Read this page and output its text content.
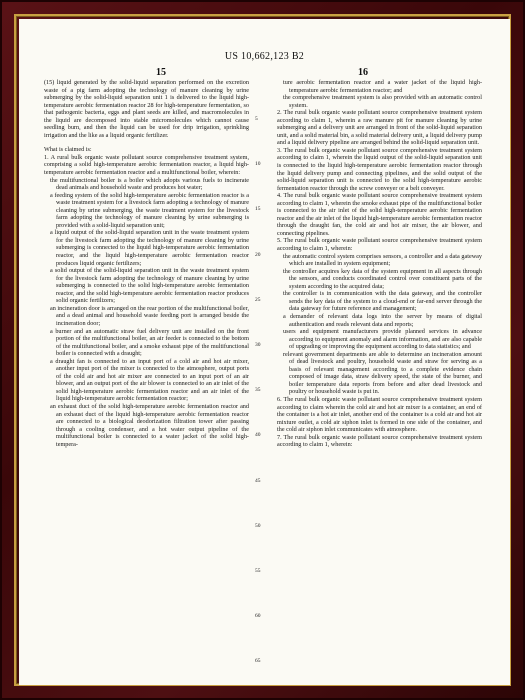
US 10,662,123 B2
15	16

(15) liquid generated by the solid-liquid separation performed on the excretion waste of a pig farm adopting the technology of manure cleaning by urine submerging by the solid-liquid separation unit 1 is delivered to the liquid high-temperature aerobic fermentation reactor 28 for high-temperature fermentation, so that pathogenic bacteria, eggs and plant seeds are killed, and macromolecules in the liquid are decomposed into stable micromolecules which cannot cause seedling burn, and then the liquid can be used for drip irrigation, sprinkling irrigation and the like as a liquid organic fertilizer.

What is claimed is:

1. A rural bulk organic waste pollutant source comprehensive treatment system, comprising a solid high-temperature aerobic fermentation reactor, a liquid high-temperature aerobic fermentation reactor and a multifunctional boiler, wherein:

the multifunctional boiler is a boiler which adopts various fuels to incinerate dead animals and household waste and produces hot water;

a feeding system of the solid high-temperature aerobic fermentation reactor is a waste treatment system for a livestock farm adopting a technology of manure cleaning by urine submerging, the waste treatment system for the livestock farm adopting the technology of manure cleaning by urine submerging is provided with a solid-liquid separation unit;

a liquid output of the solid-liquid separation unit in the waste treatment system for the livestock farm adopting the technology of manure cleaning by urine submerging is connected to the liquid high-temperature aerobic fermentation reactor, and the liquid high-temperature aerobic fermentation reactor produces liquid organic fertilizers;

a solid output of the solid-liquid separation unit in the waste treatment system for the livestock farm adopting the technology of manure cleaning by urine submerging is connected to the solid high-temperature aerobic fermentation reactor, and the solid high-temperature aerobic fermentation reactor produces solid organic fertilizers;

an incineration door is arranged on the rear portion of the multifunctional boiler, and a dead animal and household waste feeding port is arranged beside the incineration door;

a burner and an automatic straw fuel delivery unit are installed on the front portion of the multifunctional boiler, an air feeder is connected to the bottom of the multifunctional boiler, and a smoke exhaust pipe of the multifunctional boiler is connected with a draught;

a draught fan is connected to an input port of a cold air and hot air mixer, another input port of the mixer is connected to the atmosphere, output ports of the cold air and hot air mixer are connected to an input port of an air blower, and an output port of the air blower is connected to an air inlet of the solid high-temperature aerobic fermentation reactor and an air inlet of the liquid high-temperature aerobic fermentation reactor;

an exhaust duct of the solid high-temperature aerobic fermentation reactor and an exhaust duct of the liquid high-temperature aerobic fermentation reactor are connected to a biological deodorization filtration tower after passing through a cooling condenser, and a hot water output pipeline of the multifunctional boiler is connected to a water jacket of the solid high-tempera-

5
10
15
20
25
30
35
40
45
50
55
60
65

ture aerobic fermentation reactor and a water jacket of the liquid high-temperature aerobic fermentation reactor; and

the comprehensive treatment system is also provided with an automatic control system.

2. The rural bulk organic waste pollutant source comprehensive treatment system according to claim 1, wherein a raw manure pit for manure cleaning by urine submerging and a delivery unit are arranged in front of the solid-liquid separation unit, and a solid material bin, a solid material delivery unit, a liquid delivery pump and a liquid delivery pipeline are arranged behind the solid-liquid separation unit.

3. The rural bulk organic waste pollutant source comprehensive treatment system according to claim 1, wherein the liquid output of the solid-liquid separation unit is connected to the liquid high-temperature aerobic fermentation reactor through the liquid delivery pump and connecting pipelines, and the solid output of the solid-liquid separation unit is connected to the solid high-temperature aerobic fermentation reactor through the screw conveyer or a belt conveyer.

4. The rural bulk organic waste pollutant source comprehensive treatment system according to claim 1, wherein the smoke exhaust pipe of the multifunctional boiler is connected to the air inlet of the solid high-temperature aerobic fermentation reactor and the air inlet of the liquid high-temperature aerobic fermentation reactor through the draught fan, the cold air and hot air mixer, the air blower, and connecting pipelines.

5. The rural bulk organic waste pollutant source comprehensive treatment system according to claim 1, wherein:

the automatic control system comprises sensors, a controller and a data gateway which are installed in system equipment;

the controller acquires key data of the system equipment in all aspects through the sensors, and conducts coordinated control over constituent parts of the system according to the acquired data;

the controller is in communication with the data gateway, and the controller sends the key data of the system to a cloud-end or far-end server through the data gateway for future reference and management;

a demander of relevant data logs into the server by means of digital authentication and reads relevant data and reports;

users and equipment manufacturers provide planned services in advance according to equipment anomaly and alarm information, and are also capable of upgrading or improving the equipment according to data statistics; and

relevant government departments are able to determine an incineration amount of dead livestock and poultry, household waste and straw for serving as a basis of relevant management according to a complete evidence chain composed of image data, straw delivery speed, the state of the burner, and boiler temperature data reports from before and after dead livestock and poultry or household waste is put in.

6. The rural bulk organic waste pollutant source comprehensive treatment system according to claim wherein the cold air and hot air mixer is a container, an end of the container is a hot air inlet, another end of the container is a cold air and hot air mixture outlet, a cold air siphon inlet is formed in one side of the container, and the cold air siphon inlet communicates with atmosphere.

7. The rural bulk organic waste pollutant source comprehensive treatment system according to claim 1, wherein:
